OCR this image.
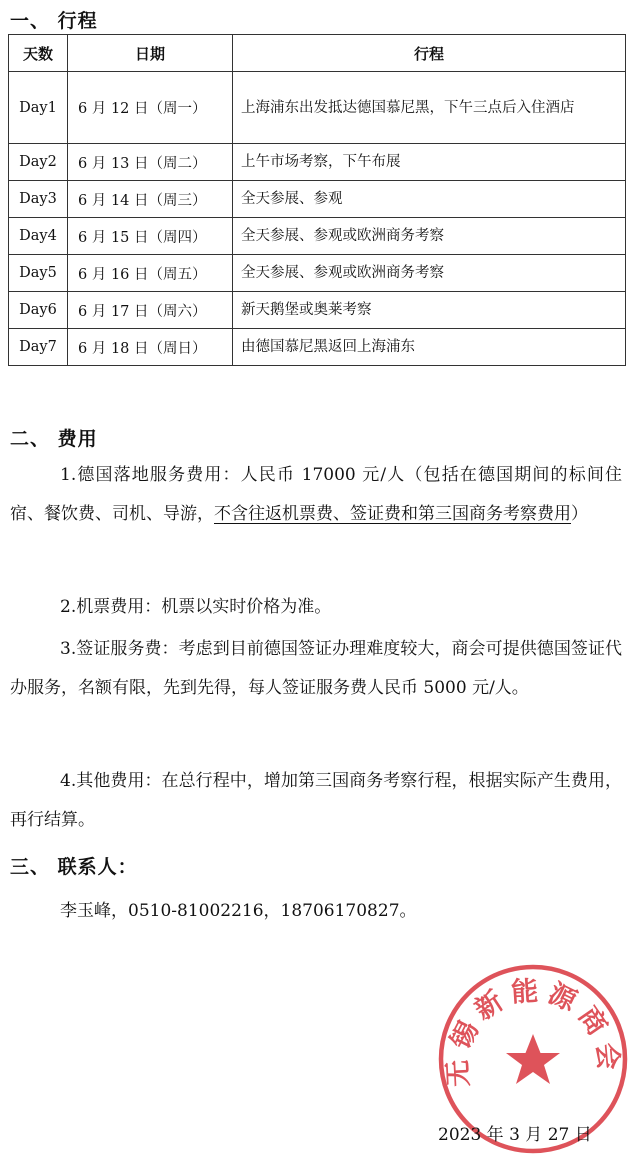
一、 行程
天数	日期	行程
Day1	6 月 12 日（周一）	上海浦东出发抵达德国慕尼黑，下午三点后入住酒店
Day2	6 月 13 日（周二）	上午市场考察，下午布展
Day3	6 月 14 日（周三）	全天参展、参观
Day4	6 月 15 日（周四）	全天参展、参观或欧洲商务考察
Day5	6 月 16 日（周五）	全天参展、参观或欧洲商务考察
Day6	6 月 17 日（周六）	新天鹅堡或奥莱考察
Day7	6 月 18 日（周日）	由德国慕尼黑返回上海浦东
二、 费用
1.德国落地服务费用：人民币 17000 元/人（包括在德国期间的标间住宿、餐饮费、司机、导游，不含往返机票费、签证费和第三国商务考察费用）
2.机票费用：机票以实时价格为准。
3.签证服务费：考虑到目前德国签证办理难度较大，商会可提供德国签证代办服务，名额有限，先到先得，每人签证服务费人民币 5000 元/人。
4.其他费用：在总行程中，增加第三国商务考察行程，根据实际产生费用，再行结算。
三、 联系人：
李玉峰，0510-81002216，18706170827。
无锡新能源商会
2023 年 3 月 27 日
